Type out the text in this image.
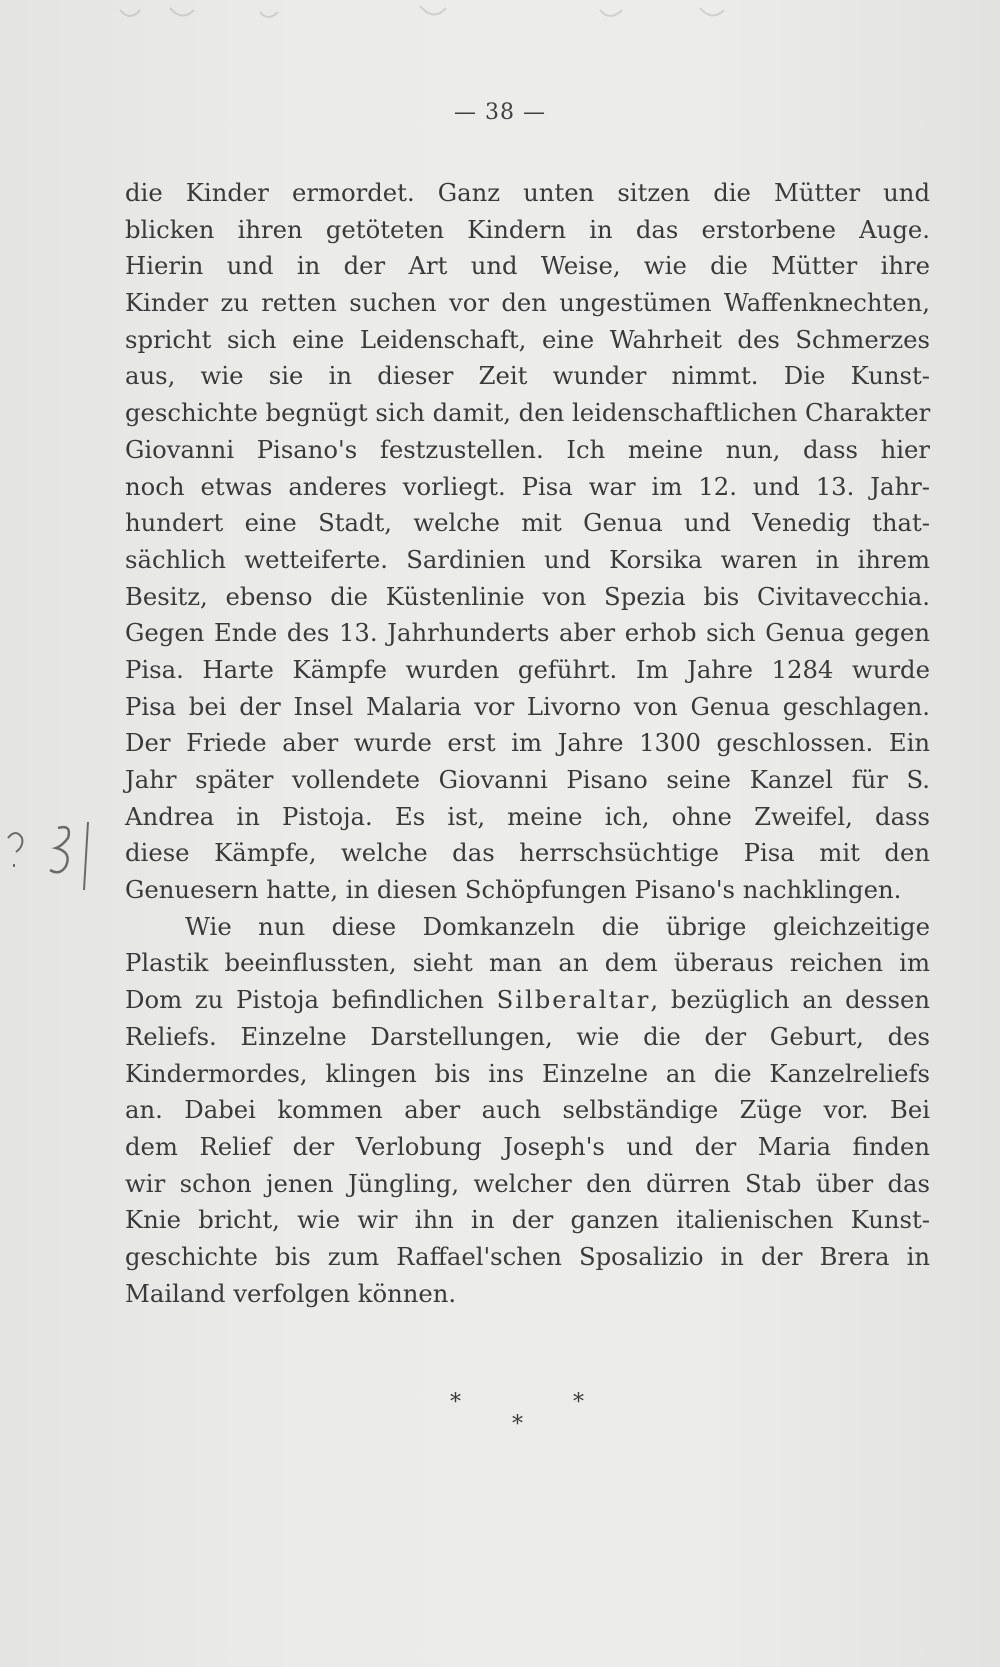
— 38 —
die Kinder ermordet. Ganz unten sitzen die Mütter und
blicken ihren getöteten Kindern in das erstorbene Auge.
Hierin und in der Art und Weise, wie die Mütter ihre
Kinder zu retten suchen vor den ungestümen Waffenknechten,
spricht sich eine Leidenschaft, eine Wahrheit des Schmerzes
aus, wie sie in dieser Zeit wunder nimmt. Die Kunst-
geschichte begnügt sich damit, den leidenschaftlichen Charakter
Giovanni Pisano's festzustellen. Ich meine nun, dass hier
noch etwas anderes vorliegt. Pisa war im 12. und 13. Jahr-
hundert eine Stadt, welche mit Genua und Venedig that-
sächlich wetteiferte. Sardinien und Korsika waren in ihrem
Besitz, ebenso die Küstenlinie von Spezia bis Civitavecchia.
Gegen Ende des 13. Jahrhunderts aber erhob sich Genua gegen
Pisa. Harte Kämpfe wurden geführt. Im Jahre 1284 wurde
Pisa bei der Insel Malaria vor Livorno von Genua geschlagen.
Der Friede aber wurde erst im Jahre 1300 geschlossen. Ein
Jahr später vollendete Giovanni Pisano seine Kanzel für S.
Andrea in Pistoja. Es ist, meine ich, ohne Zweifel, dass
diese Kämpfe, welche das herrschsüchtige Pisa mit den
Genuesern hatte, in diesen Schöpfungen Pisano's nachklingen.
Wie nun diese Domkanzeln die übrige gleichzeitige
Plastik beeinflussten, sieht man an dem überaus reichen im
Dom zu Pistoja befindlichen Silberaltar, bezüglich an dessen
Reliefs. Einzelne Darstellungen, wie die der Geburt, des
Kindermordes, klingen bis ins Einzelne an die Kanzelreliefs
an. Dabei kommen aber auch selbständige Züge vor. Bei
dem Relief der Verlobung Joseph's und der Maria finden
wir schon jenen Jüngling, welcher den dürren Stab über das
Knie bricht, wie wir ihn in der ganzen italienischen Kunst-
geschichte bis zum Raffael'schen Sposalizio in der Brera in
Mailand verfolgen können.
*
*
*
